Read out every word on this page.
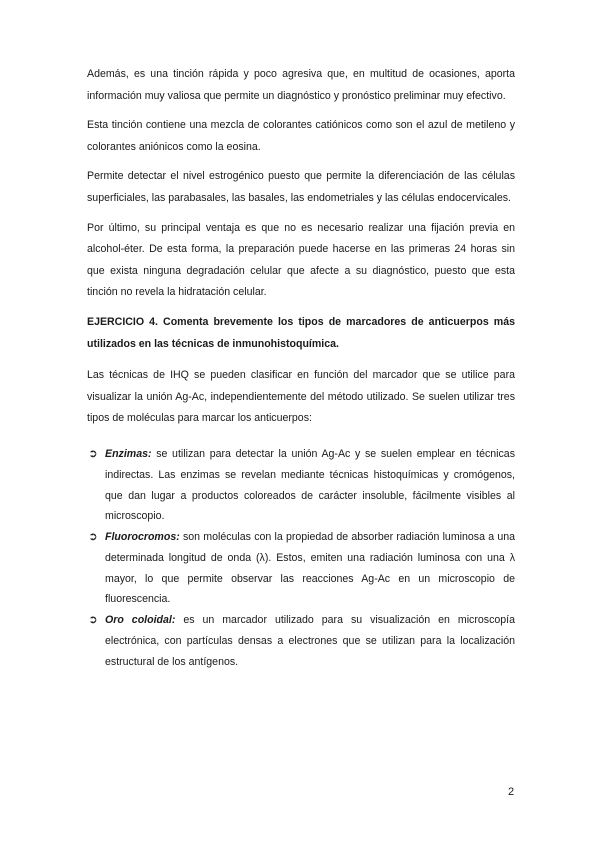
Además, es una tinción rápida y poco agresiva que, en multitud de ocasiones, aporta información muy valiosa que permite un diagnóstico y pronóstico preliminar muy efectivo.

Esta tinción contiene una mezcla de colorantes catiónicos como son el azul de metileno y colorantes aniónicos como la eosina.

Permite detectar el nivel estrogénico puesto que permite la diferenciación de las células superficiales, las parabasales, las basales, las endometriales y las células endocervicales.

Por último, su principal ventaja es que no es necesario realizar una fijación previa en alcohol-éter. De esta forma, la preparación puede hacerse en las primeras 24 horas sin que exista ninguna degradación celular que afecte a su diagnóstico, puesto que esta tinción no revela la hidratación celular.

EJERCICIO 4. Comenta brevemente los tipos de marcadores de anticuerpos más utilizados en las técnicas de inmunohistoquímica.

Las técnicas de IHQ se pueden clasificar en función del marcador que se utilice para visualizar la unión Ag-Ac, independientemente del método utilizado. Se suelen utilizar tres tipos de moléculas para marcar los anticuerpos:

➲ Enzimas: se utilizan para detectar la unión Ag-Ac y se suelen emplear en técnicas indirectas. Las enzimas se revelan mediante técnicas histoquímicas y cromógenos, que dan lugar a productos coloreados de carácter insoluble, fácilmente visibles al microscopio.
➲ Fluorocromos: son moléculas con la propiedad de absorber radiación luminosa a una determinada longitud de onda (λ). Estos, emiten una radiación luminosa con una λ mayor, lo que permite observar las reacciones Ag-Ac en un microscopio de fluorescencia.
➲ Oro coloidal: es un marcador utilizado para su visualización en microscopía electrónica, con partículas densas a electrones que se utilizan para la localización estructural de los antígenos.
2
